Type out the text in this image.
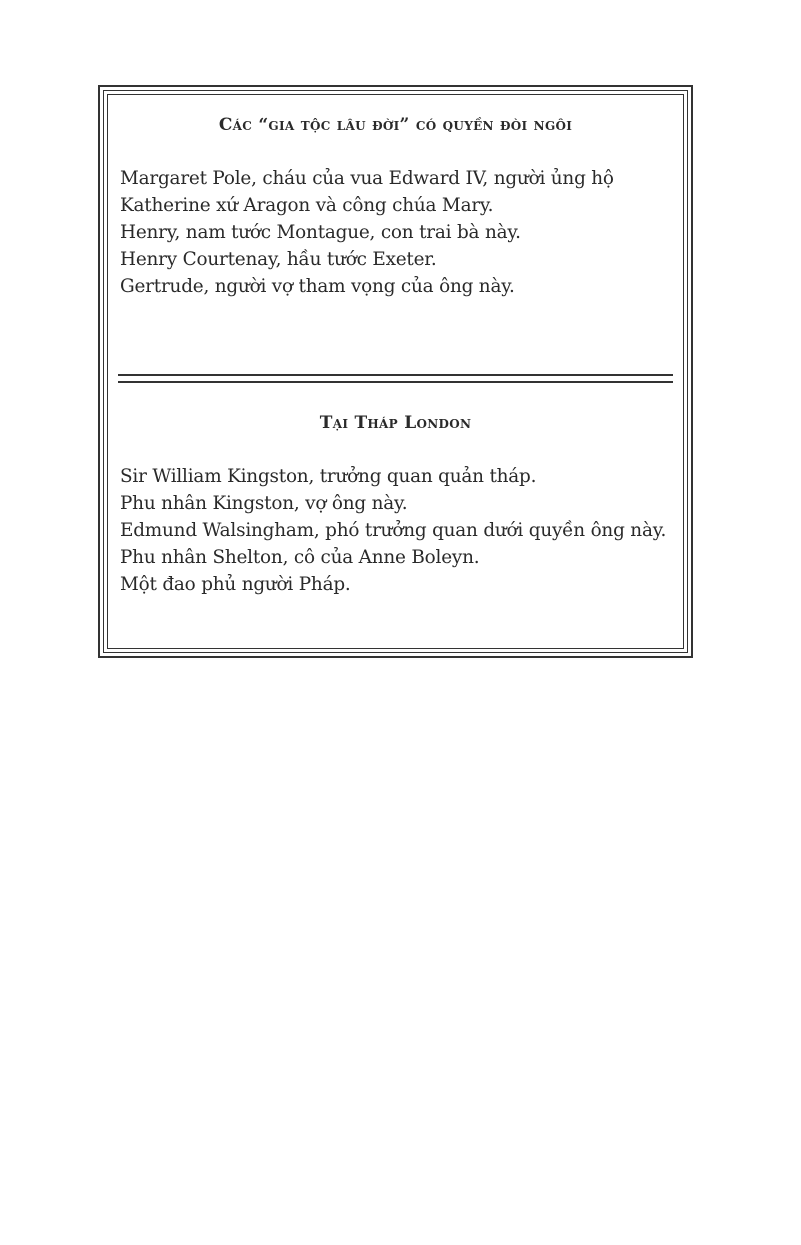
Các “gia tộc lâu đời” có quyền đòi ngôi
Margaret Pole, cháu của vua Edward IV, người ủng hộ Katherine xứ Aragon và công chúa Mary.
Henry, nam tước Montague, con trai bà này.
Henry Courtenay, hầu tước Exeter.
Gertrude, người vợ tham vọng của ông này.
Tại Tháp London
Sir William Kingston, trưởng quan quản tháp.
Phu nhân Kingston, vợ ông này.
Edmund Walsingham, phó trưởng quan dưới quyền ông này.
Phu nhân Shelton, cô của Anne Boleyn.
Một đao phủ người Pháp.
